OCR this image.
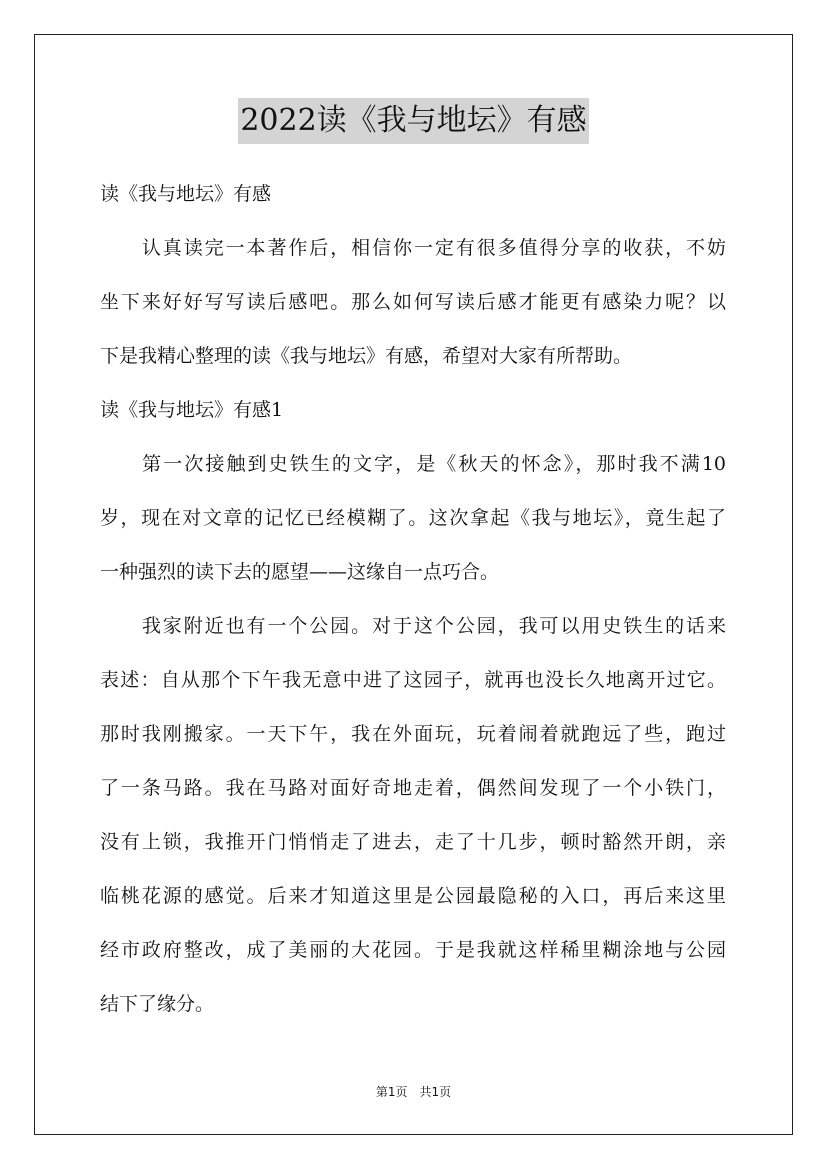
2022读《我与地坛》有感
读《我与地坛》有感
　　认真读完一本著作后，相信你一定有很多值得分享的收获，不妨
坐下来好好写写读后感吧。那么如何写读后感才能更有感染力呢？以
下是我精心整理的读《我与地坛》有感，希望对大家有所帮助。
读《我与地坛》有感1
　　第一次接触到史铁生的文字，是《秋天的怀念》，那时我不满10
岁，现在对文章的记忆已经模糊了。这次拿起《我与地坛》，竟生起了
一种强烈的读下去的愿望——这缘自一点巧合。
　　我家附近也有一个公园。对于这个公园，我可以用史铁生的话来
表述：自从那个下午我无意中进了这园子，就再也没长久地离开过它。
那时我刚搬家。一天下午，我在外面玩，玩着闹着就跑远了些，跑过
了一条马路。我在马路对面好奇地走着，偶然间发现了一个小铁门，
没有上锁，我推开门悄悄走了进去，走了十几步，顿时豁然开朗，亲
临桃花源的感觉。后来才知道这里是公园最隐秘的入口，再后来这里
经市政府整改，成了美丽的大花园。于是我就这样稀里糊涂地与公园
结下了缘分。
第1页　共1页
